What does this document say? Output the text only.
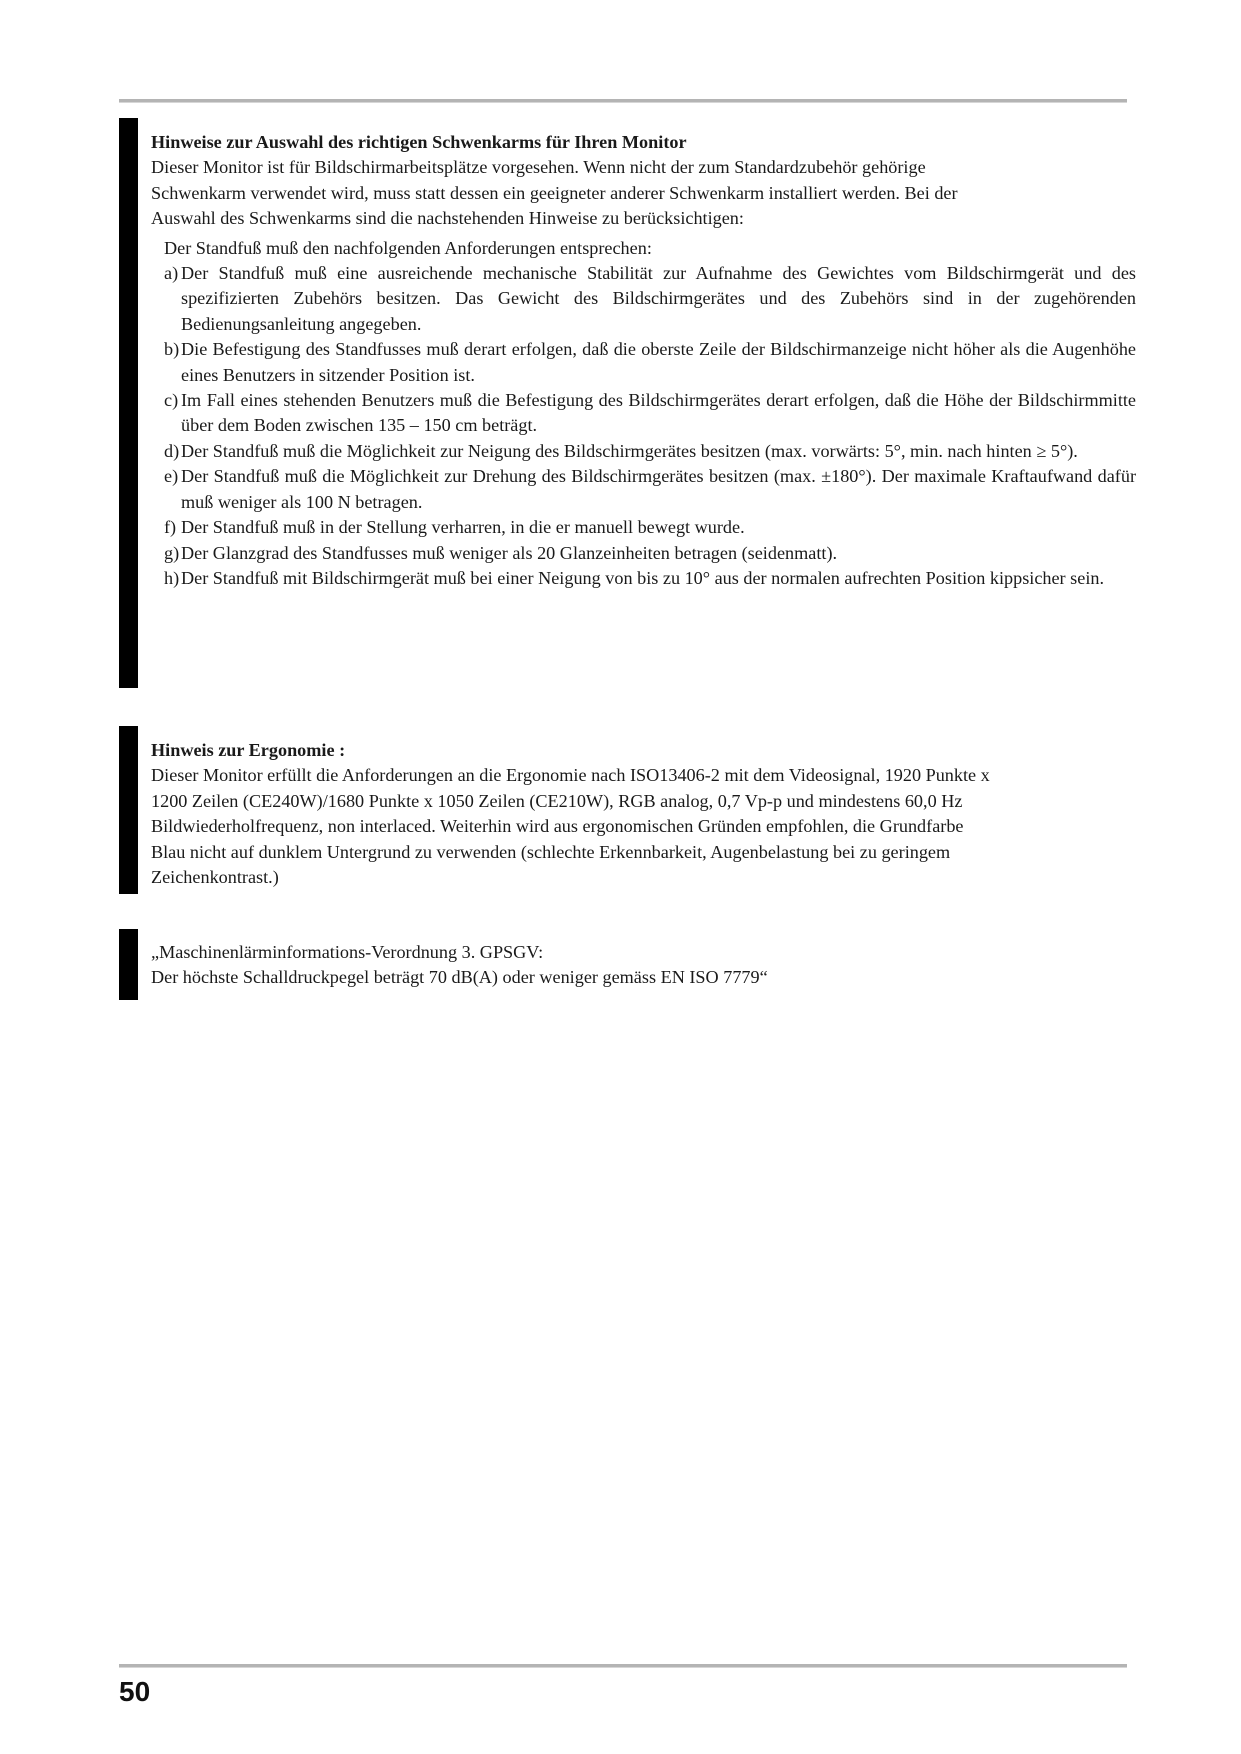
Hinweise zur Auswahl des richtigen Schwenkarms für Ihren Monitor
Dieser Monitor ist für Bildschirmarbeitsplätze vorgesehen. Wenn nicht der zum Standardzubehör gehörige
Schwenkarm verwendet wird, muss statt dessen ein geeigneter anderer Schwenkarm installiert werden. Bei der
Auswahl des Schwenkarms sind die nachstehenden Hinweise zu berücksichtigen:
Der Standfuß muß den nachfolgenden Anforderungen entsprechen:
a) Der Standfuß muß eine ausreichende mechanische Stabilität zur Aufnahme des Gewichtes vom Bildschirmgerät und des spezifizierten Zubehörs besitzen. Das Gewicht des Bildschirmgerätes und des Zubehörs sind in der zugehörenden Bedienungsanleitung angegeben.
b) Die Befestigung des Standfusses muß derart erfolgen, daß die oberste Zeile der Bildschirmanzeige nicht höher als die Augenhöhe eines Benutzers in sitzender Position ist.
c) Im Fall eines stehenden Benutzers muß die Befestigung des Bildschirmgerätes derart erfolgen, daß die Höhe der Bildschirmmitte über dem Boden zwischen 135 – 150 cm beträgt.
d) Der Standfuß muß die Möglichkeit zur Neigung des Bildschirmgerätes besitzen (max. vorwärts: 5°, min. nach hinten ≥ 5°).
e) Der Standfuß muß die Möglichkeit zur Drehung des Bildschirmgerätes besitzen (max. ±180°). Der maximale Kraftaufwand dafür muß weniger als 100 N betragen.
f) Der Standfuß muß in der Stellung verharren, in die er manuell bewegt wurde.
g) Der Glanzgrad des Standfusses muß weniger als 20 Glanzeinheiten betragen (seidenmatt).
h) Der Standfuß mit Bildschirmgerät muß bei einer Neigung von bis zu 10° aus der normalen aufrechten Position kippsicher sein.
Hinweis zur Ergonomie :
Dieser Monitor erfüllt die Anforderungen an die Ergonomie nach ISO13406-2 mit dem Videosignal, 1920 Punkte x
1200 Zeilen (CE240W)/1680 Punkte x 1050 Zeilen (CE210W), RGB analog, 0,7 Vp-p und mindestens 60,0 Hz
Bildwiederholfrequenz, non interlaced. Weiterhin wird aus ergonomischen Gründen empfohlen, die Grundfarbe
Blau nicht auf dunklem Untergrund zu verwenden (schlechte Erkennbarkeit, Augenbelastung bei zu geringem
Zeichenkontrast.)
„Maschinenlärminformations-Verordnung 3. GPSGV:
Der höchste Schalldruckpegel beträgt 70 dB(A) oder weniger gemäss EN ISO 7779“
50
